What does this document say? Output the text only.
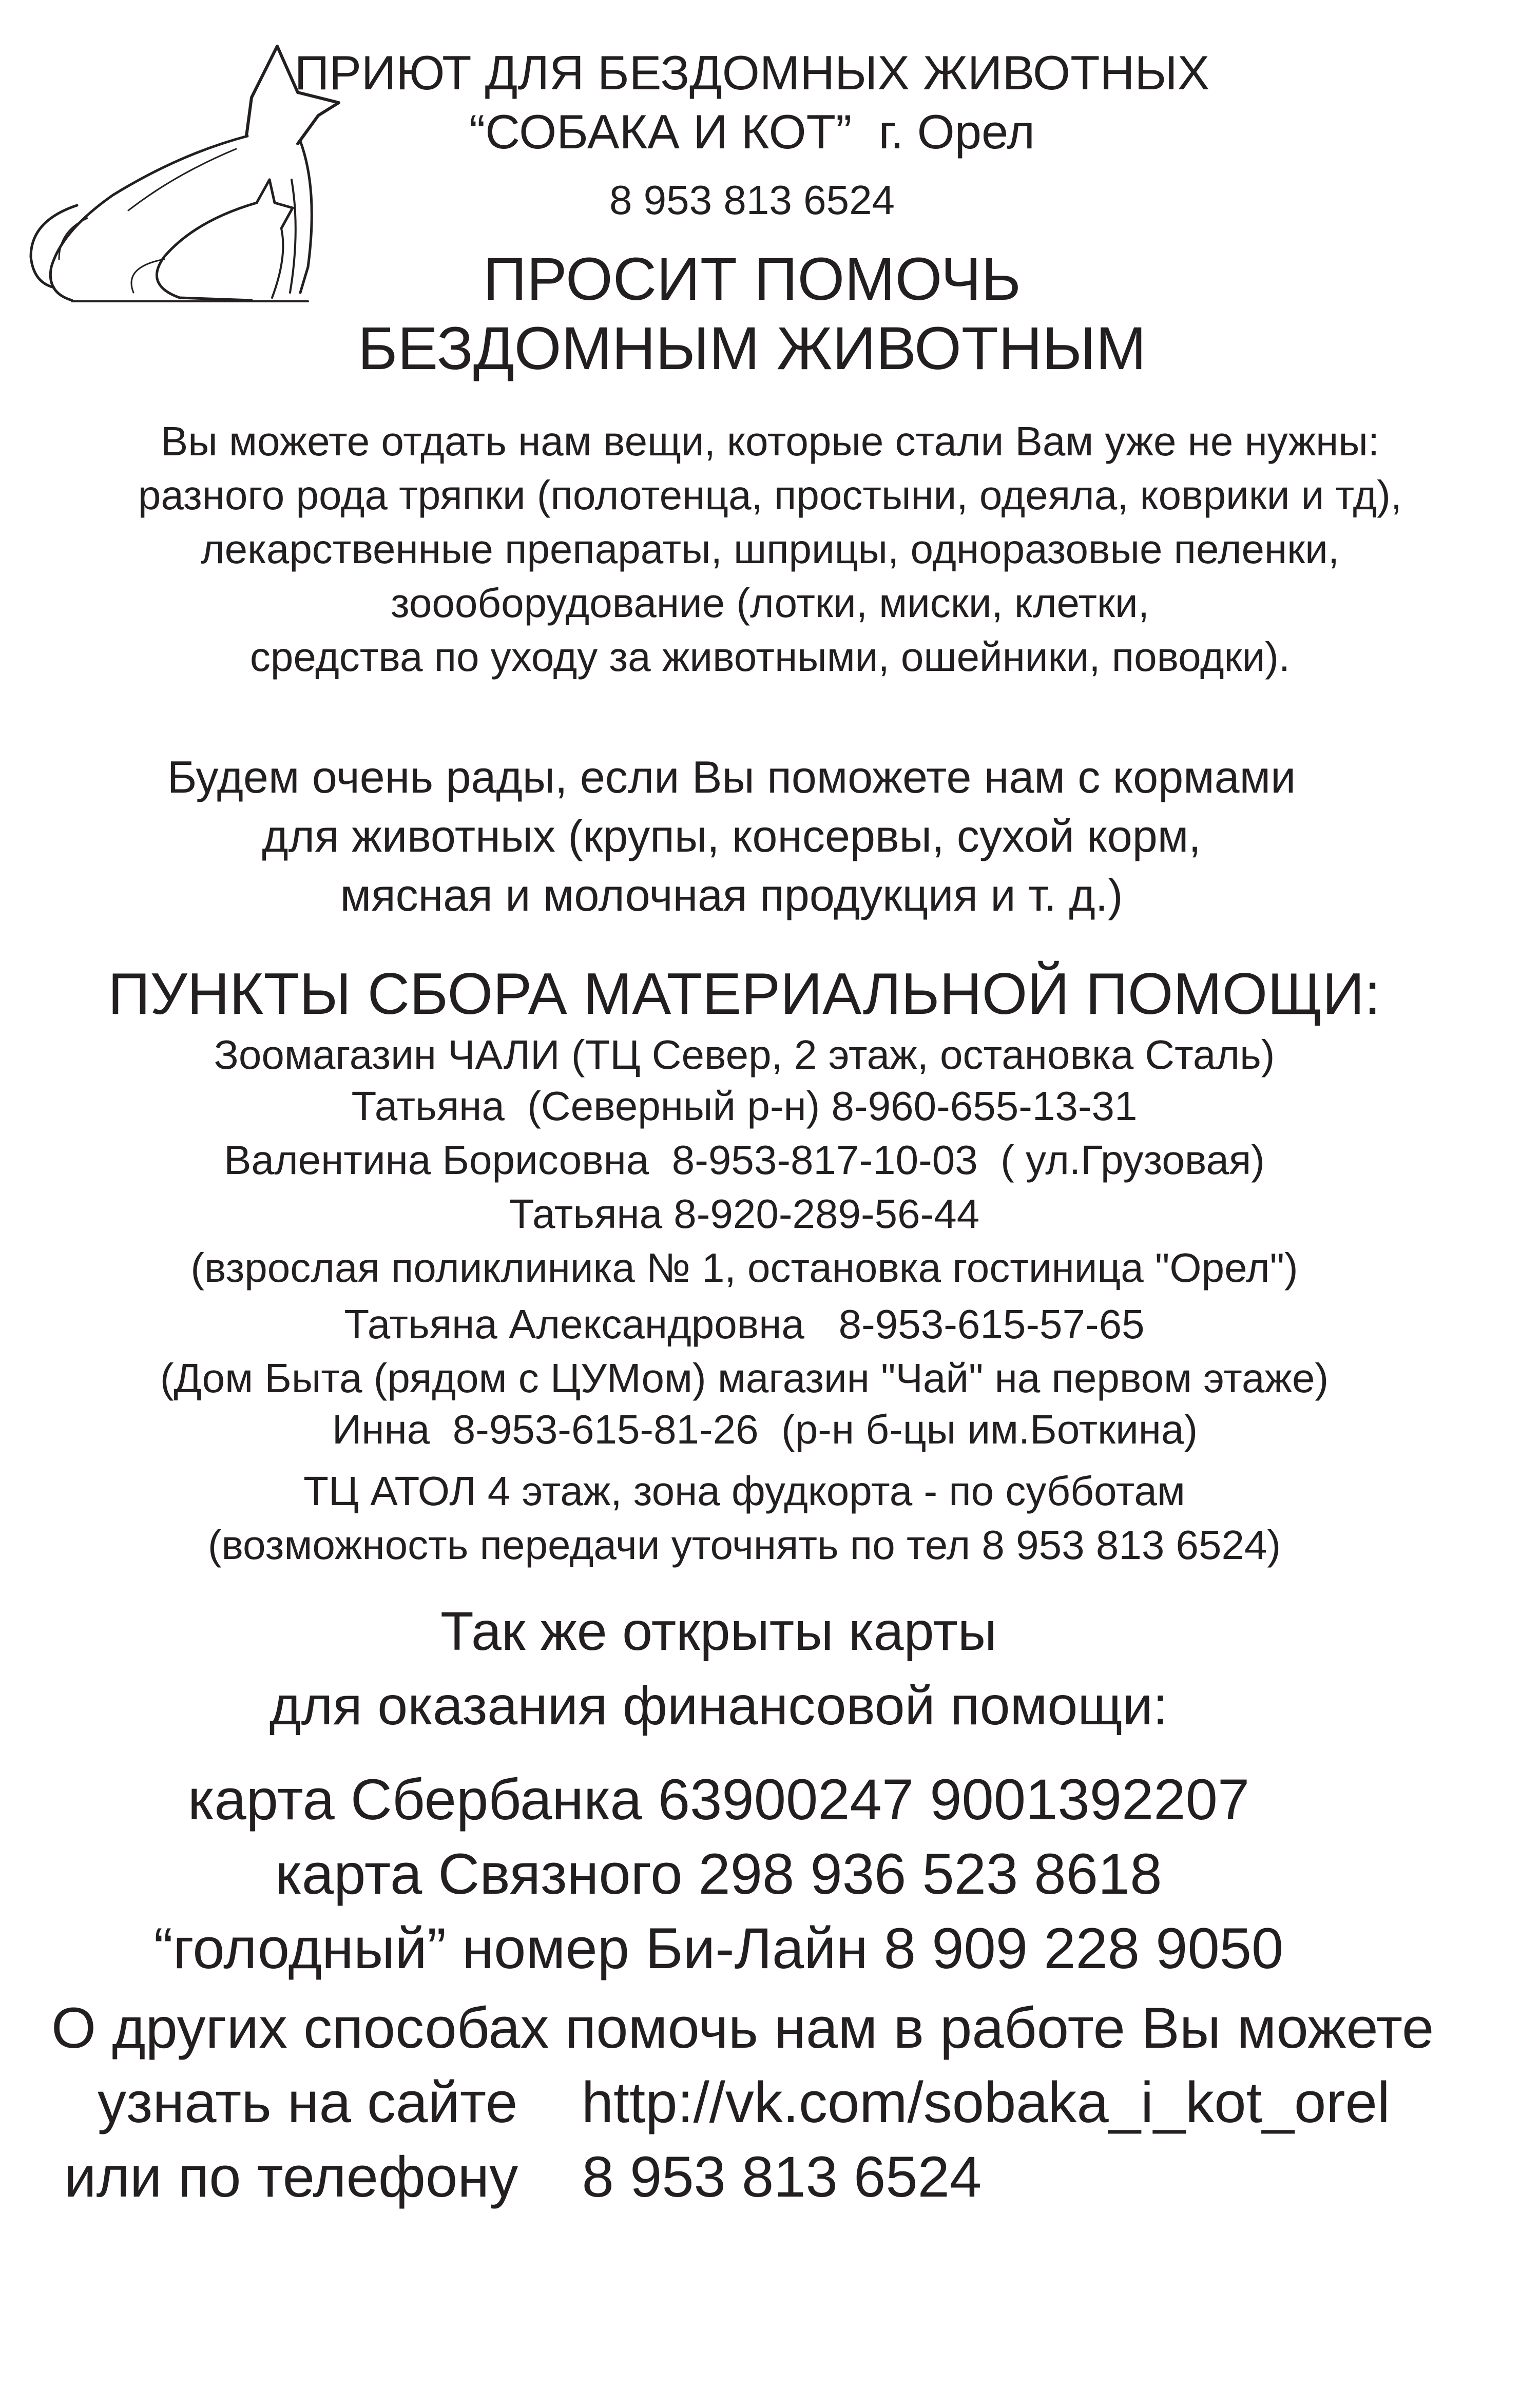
ПРИЮТ ДЛЯ БЕЗДОМНЫХ ЖИВОТНЫХ
“СОБАКА И КОТ”  г. Орел
8 953 813 6524
ПРОСИТ ПОМОЧЬ
БЕЗДОМНЫМ ЖИВОТНЫМ
Вы можете отдать нам вещи, которые стали Вам уже не нужны:
разного рода тряпки (полотенца, простыни, одеяла, коврики и тд),
лекарственные препараты, шприцы, одноразовые пеленки,
зоооборудование (лотки, миски, клетки,
средства по уходу за животными, ошейники, поводки).
Будем очень рады, если Вы поможете нам с кормами
для животных (крупы, консервы, сухой корм,
мясная и молочная продукция и т. д.)
ПУНКТЫ СБОРА МАТЕРИАЛЬНОЙ ПОМОЩИ:
Зоомагазин ЧАЛИ (ТЦ Север, 2 этаж, остановка Сталь)
Татьяна  (Северный р-н) 8-960-655-13-31
Валентина Борисовна  8-953-817-10-03  ( ул.Грузовая)
Татьяна 8-920-289-56-44
(взрослая поликлиника № 1, остановка гостиница "Орел")
Татьяна Александровна   8-953-615-57-65
(Дом Быта (рядом с ЦУМом) магазин "Чай" на первом этаже)
Инна  8-953-615-81-26  (р-н б-цы им.Боткина)
ТЦ АТОЛ 4 этаж, зона фудкорта - по субботам
(возможность передачи уточнять по тел 8 953 813 6524)
Так же открыты карты
для оказания финансовой помощи:
карта Сбербанка 63900247 9001392207
карта Связного 298 936 523 8618
“голодный” номер Би-Лайн 8 909 228 9050
О других способах помочь нам в работе Вы можете
узнать на сайте    http://vk.com/sobaka_i_kot_orel
или по телефону    8 953 813 6524
